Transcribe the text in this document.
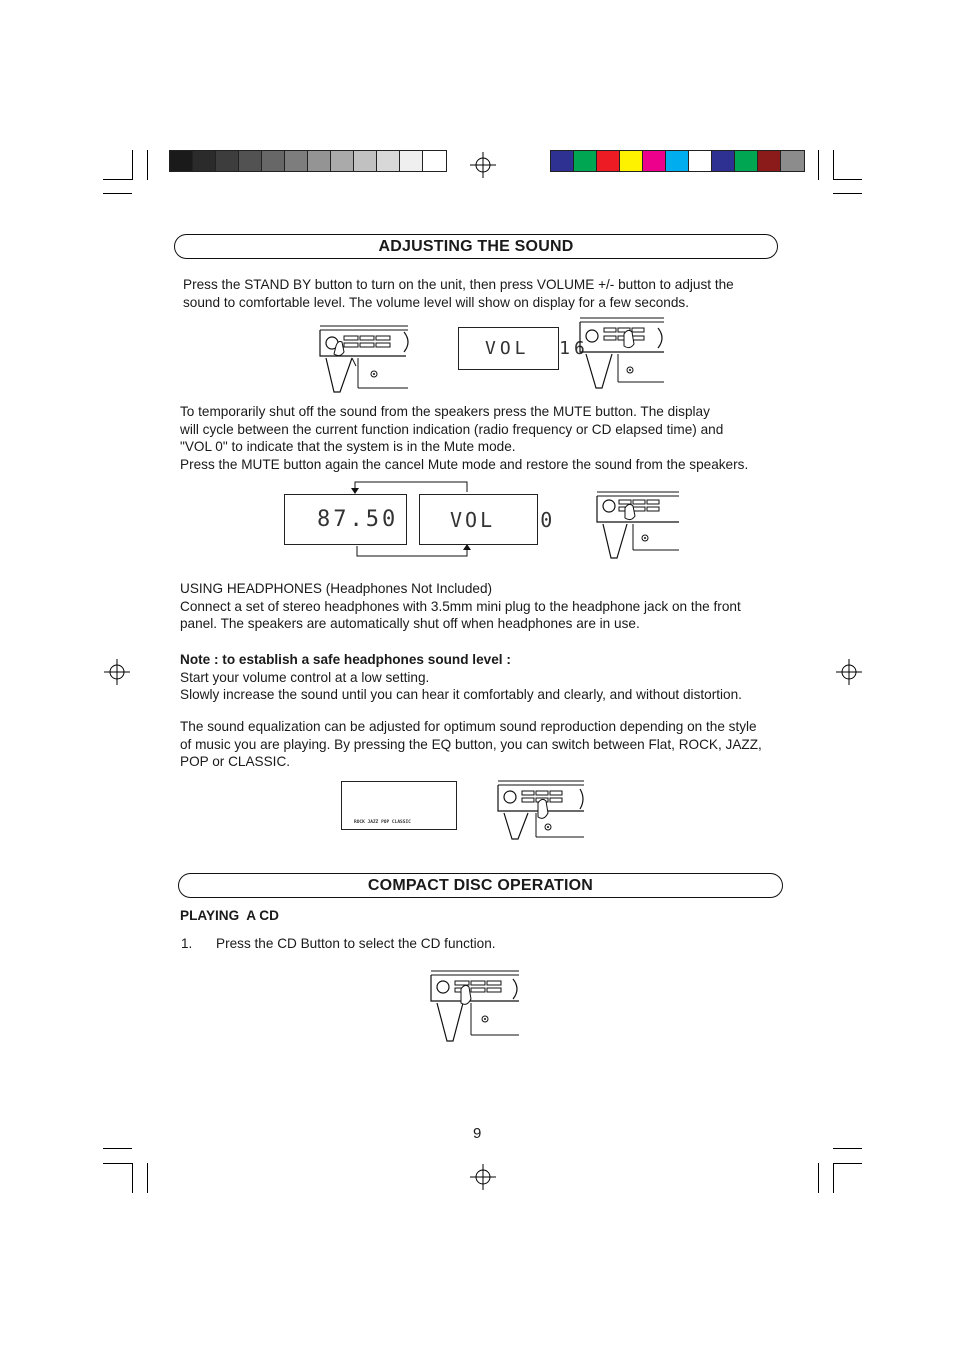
ADJUSTING THE SOUND

Press the STAND BY button to turn on the unit, then press VOLUME +/- button to adjust the
sound to comfortable level. The volume level will show on display for a few seconds.

VOL  16

To temporarily shut off the sound from the speakers press the MUTE button. The display
will cycle between the current function indication (radio frequency or CD elapsed time) and
"VOL 0" to indicate that the system is in the Mute mode.
Press the MUTE button again the cancel Mute mode and restore the sound from the speakers.

87.50	VOL   0

USING HEADPHONES (Headphones Not Included)
Connect a set of stereo headphones with 3.5mm mini plug to the headphone jack on the front
panel. The speakers are automatically shut off when headphones are in use.

Note : to establish a safe headphones sound level :
Start your volume control at a low setting.
Slowly increase the sound until you can hear it comfortably and clearly, and without distortion.

The sound equalization can be adjusted for optimum sound reproduction depending on the style
of music you are playing. By pressing the EQ button, you can switch between Flat, ROCK, JAZZ,
POP or CLASSIC.

ROCK JAZZ POP CLASSIC
COMPACT DISC OPERATION
PLAYING  A CD
1. Press the CD Button to select the CD function.
9
